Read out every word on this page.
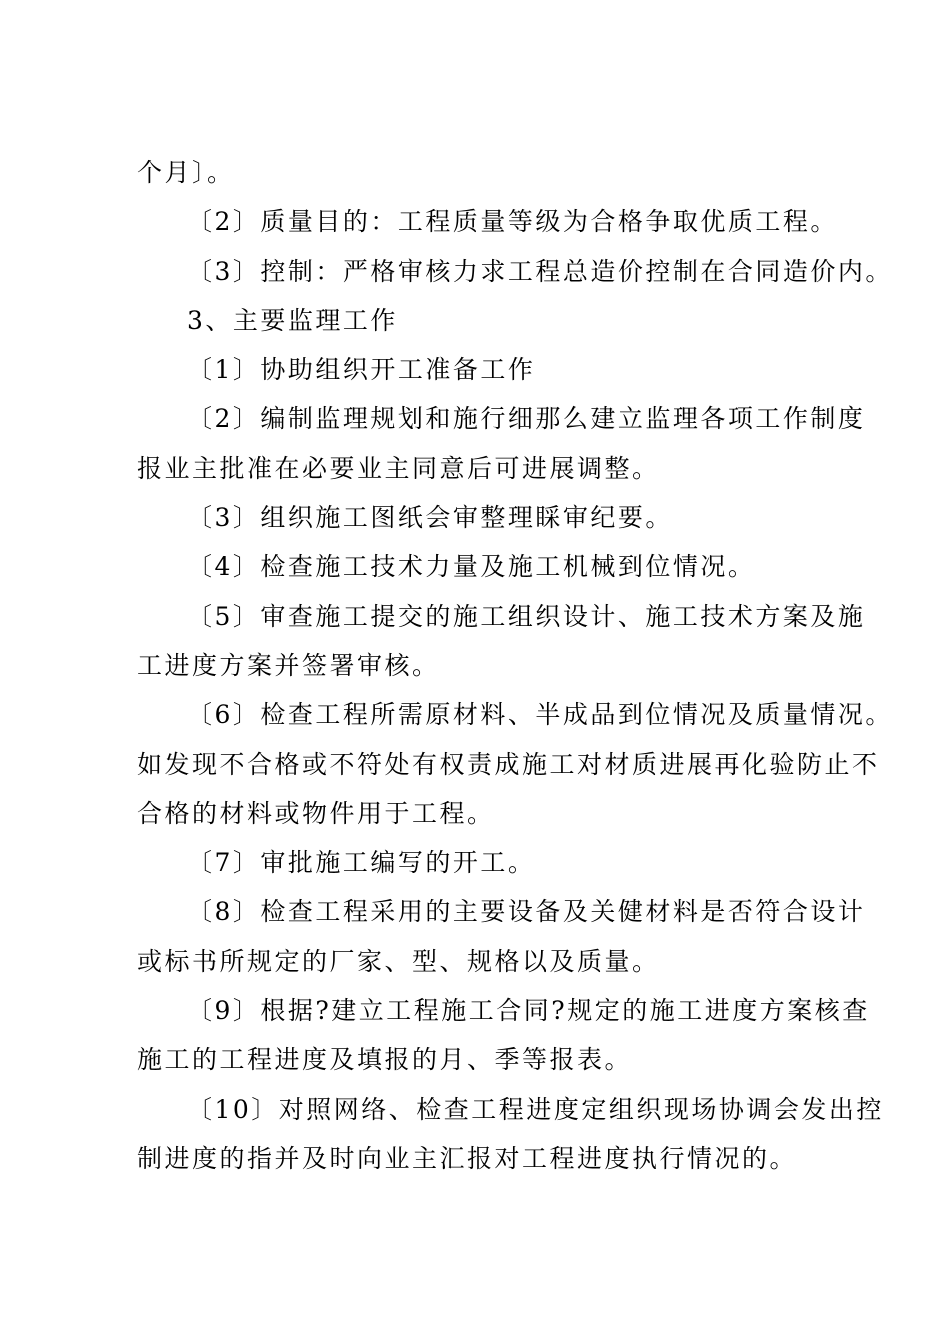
个月〕。
〔2〕质量目的：工程质量等级为合格争取优质工程。
〔3〕控制：严格审核力求工程总造价控制在合同造价内。
3、主要监理工作
〔1〕协助组织开工准备工作
〔2〕编制监理规划和施行细那么建立监理各项工作制度
报业主批准在必要业主同意后可进展调整。
〔3〕组织施工图纸会审整理睬审纪要。
〔4〕检查施工技术力量及施工机械到位情况。
〔5〕审查施工提交的施工组织设计、施工技术方案及施
工进度方案并签署审核。
〔6〕检查工程所需原材料、半成品到位情况及质量情况。
如发现不合格或不符处有权责成施工对材质进展再化验防止不
合格的材料或物件用于工程。
〔7〕审批施工编写的开工。
〔8〕检查工程采用的主要设备及关健材料是否符合设计
或标书所规定的厂家、型、规格以及质量。
〔9〕根据?建立工程施工合同?规定的施工进度方案核查
施工的工程进度及填报的月、季等报表。
〔10〕对照网络、检查工程进度定组织现场协调会发出控
制进度的指并及时向业主汇报对工程进度执行情况的。
